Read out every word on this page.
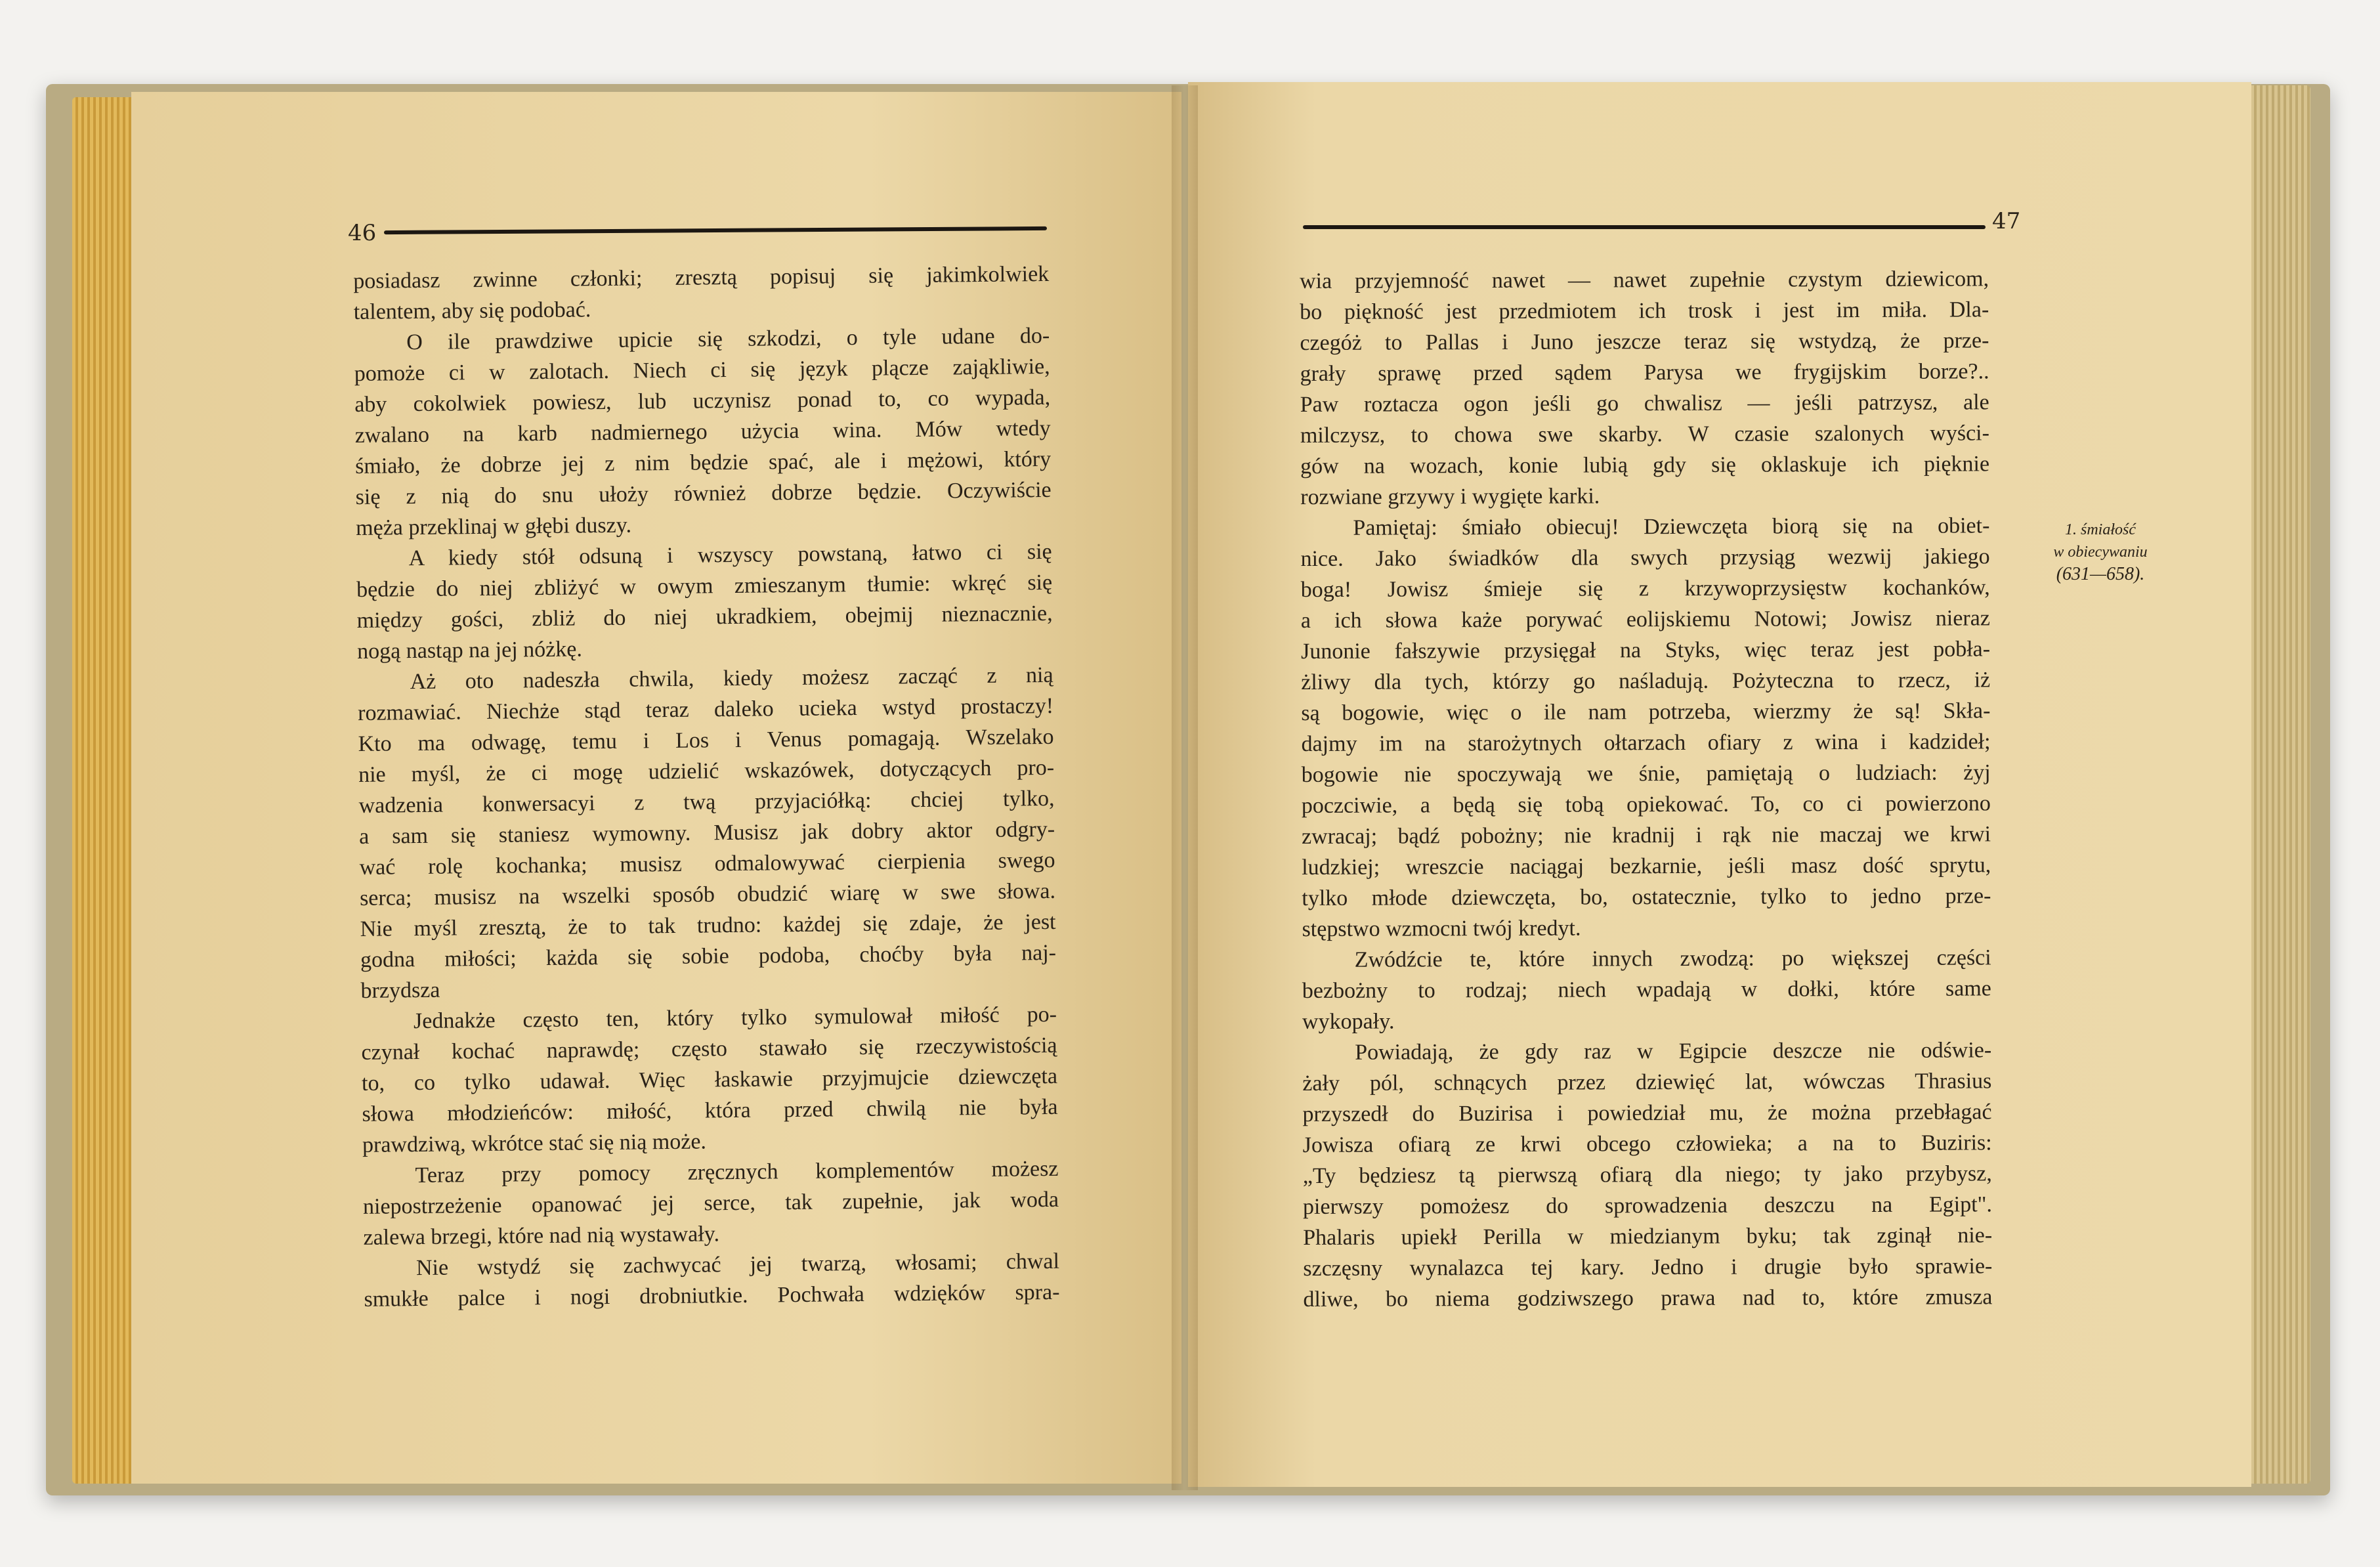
46
posiadasz zwinne członki; zresztą popisuj się jakimkolwiek
talentem, aby się podobać.
O ile prawdziwe upicie się szkodzi, o tyle udane do-
pomoże ci w zalotach. Niech ci się język plącze zająkliwie,
aby cokolwiek powiesz, lub uczynisz ponad to, co wypada,
zwalano na karb nadmiernego użycia wina. Mów wtedy
śmiało, że dobrze jej z nim będzie spać, ale i mężowi, który
się z nią do snu ułoży również dobrze będzie. Oczywiście
męża przeklinaj w głębi duszy.
A kiedy stół odsuną i wszyscy powstaną, łatwo ci się
będzie do niej zbliżyć w owym zmieszanym tłumie: wkręć się
między gości, zbliż do niej ukradkiem, obejmij nieznacznie,
nogą nastąp na jej nóżkę.
Aż oto nadeszła chwila, kiedy możesz zacząć z nią
rozmawiać. Niechże stąd teraz daleko ucieka wstyd prostaczy!
Kto ma odwagę, temu i Los i Venus pomagają. Wszelako
nie myśl, że ci mogę udzielić wskazówek, dotyczących pro-
wadzenia konwersacyi z twą przyjaciółką: chciej tylko,
a sam się staniesz wymowny. Musisz jak dobry aktor odgry-
wać rolę kochanka; musisz odmalowywać cierpienia swego
serca; musisz na wszelki sposób obudzić wiarę w swe słowa.
Nie myśl zresztą, że to tak trudno: każdej się zdaje, że jest
godna miłości; każda się sobie podoba, choćby była naj-
brzydsza
Jednakże często ten, który tylko symulował miłość po-
czynał kochać naprawdę; często stawało się rzeczywistością
to, co tylko udawał. Więc łaskawie przyjmujcie dziewczęta
słowa młodzieńców: miłość, która przed chwilą nie była
prawdziwą, wkrótce stać się nią może.
Teraz przy pomocy zręcznych komplementów możesz
niepostrzeżenie opanować jej serce, tak zupełnie, jak woda
zalewa brzegi, które nad nią wystawały.
Nie wstydź się zachwycać jej twarzą, włosami; chwal
smukłe palce i nogi drobniutkie. Pochwała wdzięków spra-
47
wia przyjemność nawet — nawet zupełnie czystym dziewicom,
bo piękność jest przedmiotem ich trosk i jest im miła. Dla-
czegóż to Pallas i Juno jeszcze teraz się wstydzą, że prze-
grały sprawę przed sądem Parysa we frygijskim borze?..
Paw roztacza ogon jeśli go chwalisz — jeśli patrzysz, ale
milczysz, to chowa swe skarby. W czasie szalonych wyści-
gów na wozach, konie lubią gdy się oklaskuje ich pięknie
rozwiane grzywy i wygięte karki.
Pamiętaj: śmiało obiecuj! Dziewczęta biorą się na obiet-
nice. Jako świadków dla swych przysiąg wezwij jakiego
boga! Jowisz śmieje się z krzywoprzysięstw kochanków,
a ich słowa każe porywać eolijskiemu Notowi; Jowisz nieraz
Junonie fałszywie przysięgał na Styks, więc teraz jest pobła-
żliwy dla tych, którzy go naśladują. Pożyteczna to rzecz, iż
są bogowie, więc o ile nam potrzeba, wierzmy że są! Skła-
dajmy im na starożytnych ołtarzach ofiary z wina i kadzideł;
bogowie nie spoczywają we śnie, pamiętają o ludziach: żyj
poczciwie, a będą się tobą opiekować. To, co ci powierzono
zwracaj; bądź pobożny; nie kradnij i rąk nie maczaj we krwi
ludzkiej; wreszcie naciągaj bezkarnie, jeśli masz dość sprytu,
tylko młode dziewczęta, bo, ostatecznie, tylko to jedno prze-
stępstwo wzmocni twój kredyt.
Zwódźcie te, które innych zwodzą: po większej części
bezbożny to rodzaj; niech wpadają w dołki, które same
wykopały.
Powiadają, że gdy raz w Egipcie deszcze nie odświe-
żały pól, schnących przez dziewięć lat, wówczas Thrasius
przyszedł do Buzirisa i powiedział mu, że można przebłagać
Jowisza ofiarą ze krwi obcego człowieka; a na to Buziris:
„Ty będziesz tą pierwszą ofiarą dla niego; ty jako przybysz,
pierwszy pomożesz do sprowadzenia deszczu na Egipt".
Phalaris upiekł Perilla w miedzianym byku; tak zginął nie-
szczęsny wynalazca tej kary. Jedno i drugie było sprawie-
dliwe, bo niema godziwszego prawa nad to, które zmusza
1. śmiałość
w obiecywaniu
(631—658).
